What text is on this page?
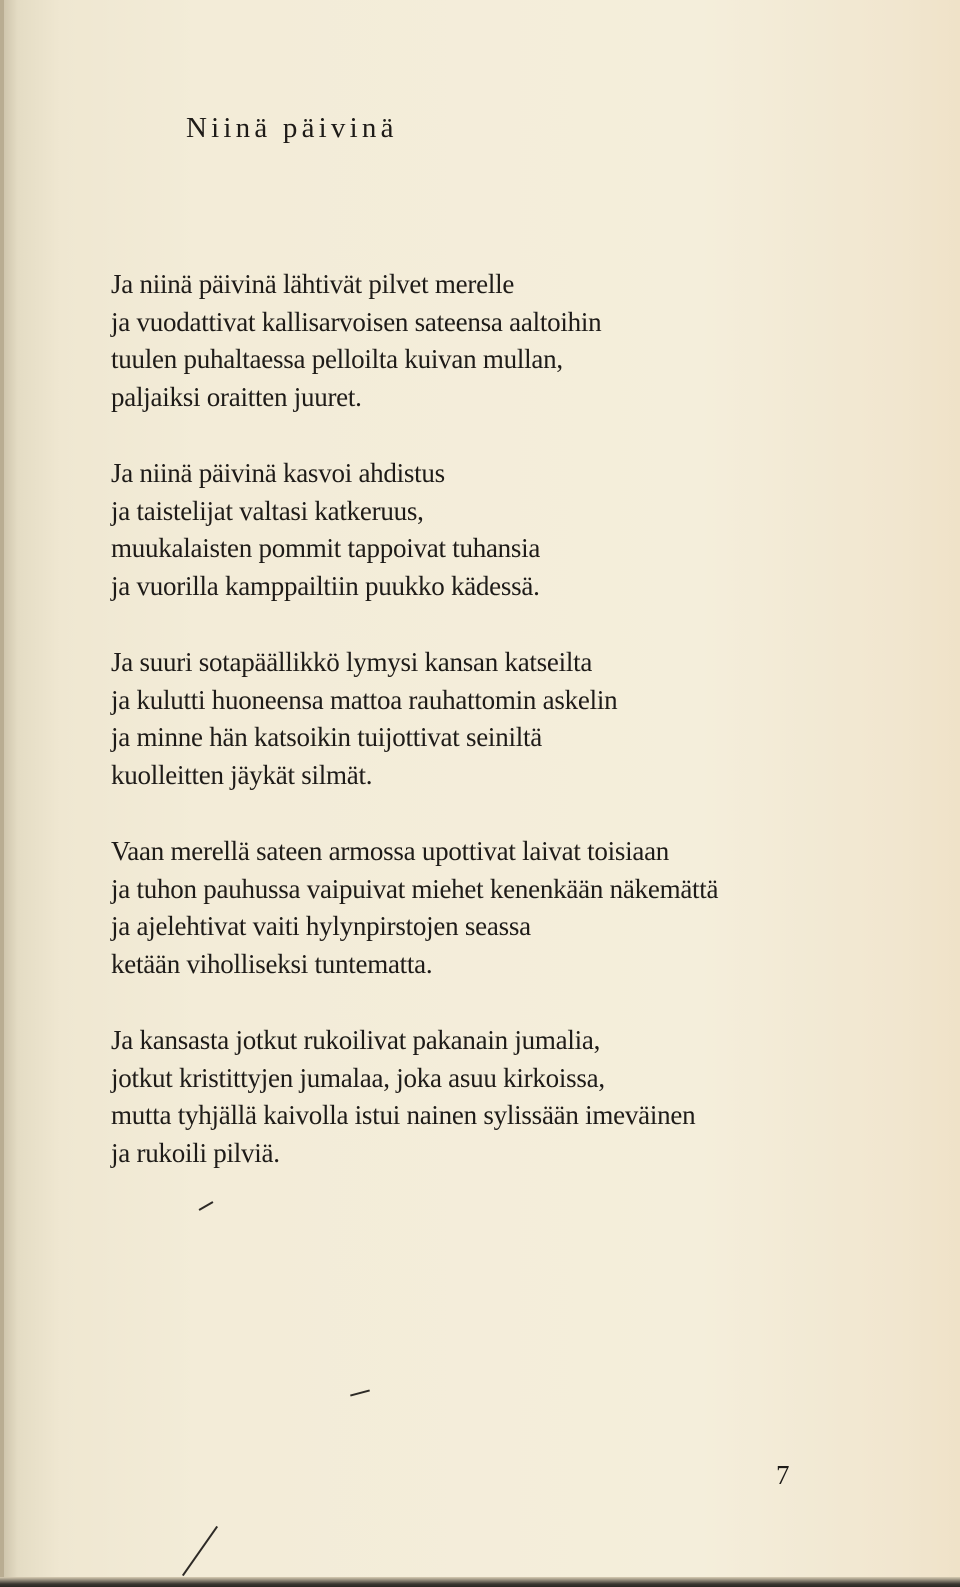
Niinä päivinä
Ja niinä päivinä lähtivät pilvet merelle
ja vuodattivat kallisarvoisen sateensa aaltoihin
tuulen puhaltaessa pelloilta kuivan mullan,
paljaiksi oraitten juuret.
Ja niinä päivinä kasvoi ahdistus
ja taistelijat valtasi katkeruus,
muukalaisten pommit tappoivat tuhansia
ja vuorilla kamppailtiin puukko kädessä.
Ja suuri sotapäällikkö lymysi kansan katseilta
ja kulutti huoneensa mattoa rauhattomin askelin
ja minne hän katsoikin tuijottivat seiniltä
kuolleitten jäykät silmät.
Vaan merellä sateen armossa upottivat laivat toisiaan
ja tuhon pauhussa vaipuivat miehet kenenkään näkemättä
ja ajelehtivat vaiti hylynpirstojen seassa
ketään viholliseksi tuntematta.
Ja kansasta jotkut rukoilivat pakanain jumalia,
jotkut kristittyjen jumalaa, joka asuu kirkoissa,
mutta tyhjällä kaivolla istui nainen sylissään imeväinen
ja rukoili pilviä.
7
